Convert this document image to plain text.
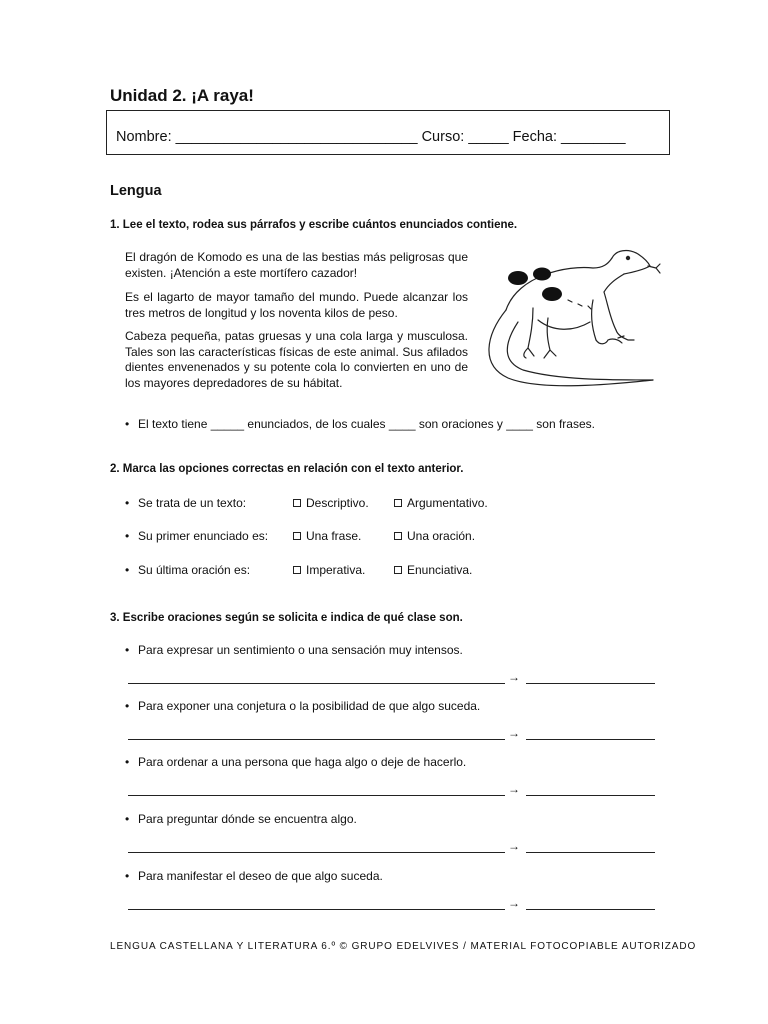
Unidad 2. ¡A raya!
Nombre: ______________________________ Curso: _____ Fecha: ________
Lengua
1. Lee el texto, rodea sus párrafos y escribe cuántos enunciados contiene.
El dragón de Komodo es una de las bestias más peligrosas que existen. ¡Atención a este mortífero cazador!
Es el lagarto de mayor tamaño del mundo. Puede alcanzar los tres metros de longitud y los noventa kilos de peso.
Cabeza pequeña, patas gruesas y una cola larga y musculosa. Tales son las características físicas de este animal. Sus afilados dientes envenenados y su potente cola lo convierten en uno de los mayores depredadores de su hábitat.
• El texto tiene _____ enunciados, de los cuales ____ son oraciones y ____ son frases.
2. Marca las opciones correctas en relación con el texto anterior.
• Se trata de un texto:	Descriptivo.	Argumentativo.
• Su primer enunciado es:	Una frase.	Una oración.
• Su última oración es:	Imperativa.	Enunciativa.
3. Escribe oraciones según se solicita e indica de qué clase son.
• Para expresar un sentimiento o una sensación muy intensos.
→
• Para exponer una conjetura o la posibilidad de que algo suceda.
→
• Para ordenar a una persona que haga algo o deje de hacerlo.
→
• Para preguntar dónde se encuentra algo.
→
• Para manifestar el deseo de que algo suceda.
→
LENGUA CASTELLANA Y LITERATURA 6.º © GRUPO EDELVIVES / MATERIAL FOTOCOPIABLE AUTORIZADO
